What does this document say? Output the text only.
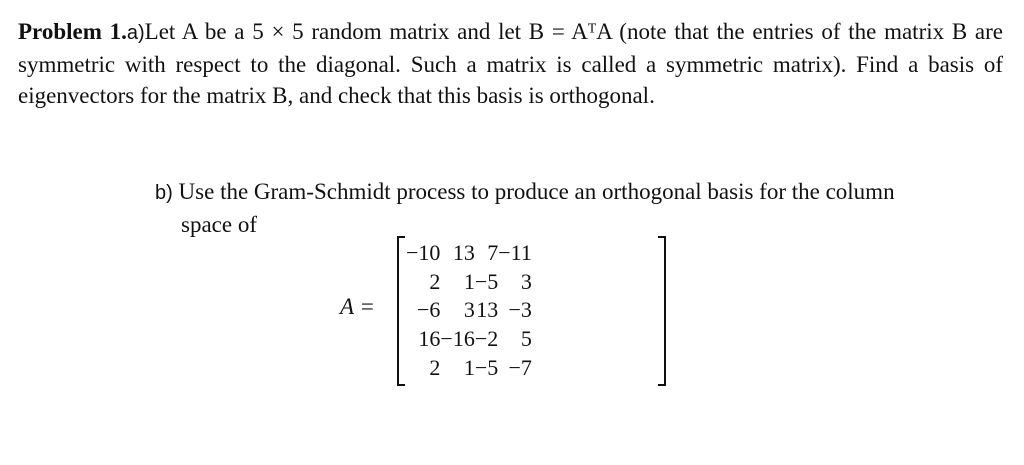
Problem 1.a)Let A be a 5 × 5 random matrix and let B = AᵀA (note that the entries of the matrix B are symmetric with respect to the diagonal. Such a matrix is called a symmetric matrix). Find a basis of eigenvectors for the matrix B, and check that this basis is orthogonal.
b) Use the Gram-Schmidt process to produce an orthogonal basis for the column
space of
A =
−10	13	7	−11
2	1	−5	3
−6	3	13	−3
16	−16	−2	5
2	1	−5	−7
